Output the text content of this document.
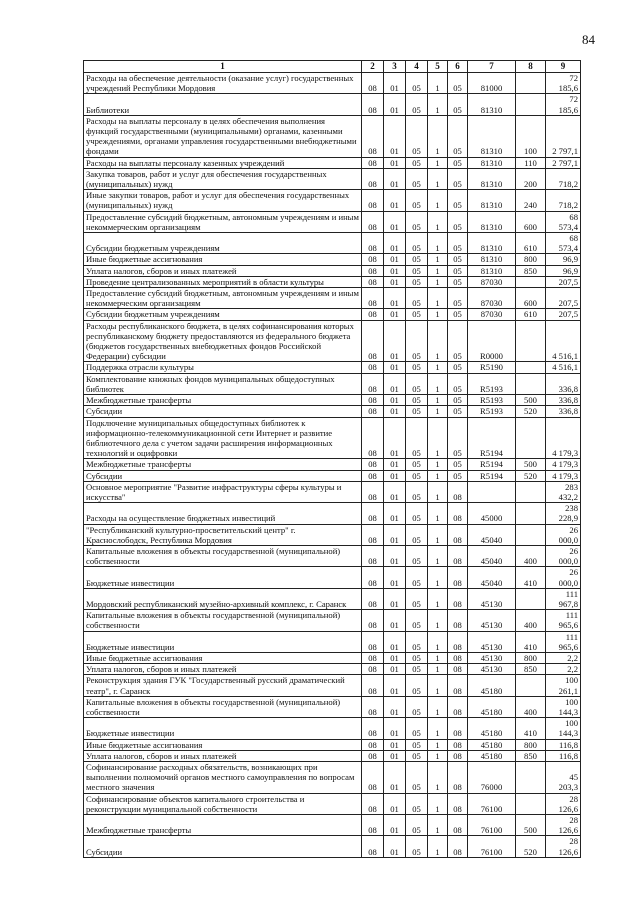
84
1	2	3	4	5	6	7	8	9
Расходы на обеспечение деятельности (оказание услуг) государственных учреждений Республики Мордовия	08	01	05	1	05	81000		72 185,6
Библиотеки	08	01	05	1	05	81310		72 185,6
Расходы на выплаты персоналу в целях обеспечения выполнения функций государственными (муниципальными) органами, казенными учреждениями, органами управления государственными внебюджетными фондами	08	01	05	1	05	81310	100	2 797,1
Расходы на выплаты персоналу казенных учреждений	08	01	05	1	05	81310	110	2 797,1
Закупка товаров, работ и услуг для обеспечения государственных (муниципальных) нужд	08	01	05	1	05	81310	200	718,2
Иные закупки товаров, работ и услуг для обеспечения государственных (муниципальных) нужд	08	01	05	1	05	81310	240	718,2
Предоставление субсидий бюджетным, автономным учреждениям и иным некоммерческим организациям	08	01	05	1	05	81310	600	68 573,4
Субсидии бюджетным учреждениям	08	01	05	1	05	81310	610	68 573,4
Иные бюджетные ассигнования	08	01	05	1	05	81310	800	96,9
Уплата налогов, сборов и иных платежей	08	01	05	1	05	81310	850	96,9
Проведение централизованных мероприятий в области культуры	08	01	05	1	05	87030		207,5
Предоставление субсидий бюджетным, автономным учреждениям и иным некоммерческим организациям	08	01	05	1	05	87030	600	207,5
Субсидии бюджетным учреждениям	08	01	05	1	05	87030	610	207,5
Расходы республиканского бюджета, в целях софинансирования которых республиканскому бюджету предоставляются из федерального бюджета (бюджетов государственных внебюджетных фондов Российской Федерации) субсидии	08	01	05	1	05	R0000		4 516,1
Поддержка отрасли культуры	08	01	05	1	05	R5190		4 516,1
Комплектование книжных фондов муниципальных общедоступных библиотек	08	01	05	1	05	R5193		336,8
Межбюджетные трансферты	08	01	05	1	05	R5193	500	336,8
Субсидии	08	01	05	1	05	R5193	520	336,8
Подключение муниципальных общедоступных библиотек к информационно-телекоммуникационной сети Интернет и развитие библиотечного дела с учетом задачи расширения информационных технологий и оцифровки	08	01	05	1	05	R5194		4 179,3
Межбюджетные трансферты	08	01	05	1	05	R5194	500	4 179,3
Субсидии	08	01	05	1	05	R5194	520	4 179,3
Основное мероприятие "Развитие инфраструктуры сферы культуры и искусства"	08	01	05	1	08			283 432,2
Расходы на осуществление бюджетных инвестиций	08	01	05	1	08	45000		238 228,9
"Республиканский культурно-просветительский центр" г. Краснослободск, Республика Мордовия	08	01	05	1	08	45040		26 000,0
Капитальные вложения в объекты государственной (муниципальной) собственности	08	01	05	1	08	45040	400	26 000,0
Бюджетные инвестиции	08	01	05	1	08	45040	410	26 000,0
Мордовский республиканский музейно-архивный комплекс, г. Саранск	08	01	05	1	08	45130		111 967,8
Капитальные вложения в объекты государственной (муниципальной) собственности	08	01	05	1	08	45130	400	111 965,6
Бюджетные инвестиции	08	01	05	1	08	45130	410	111 965,6
Иные бюджетные ассигнования	08	01	05	1	08	45130	800	2,2
Уплата налогов, сборов и иных платежей	08	01	05	1	08	45130	850	2,2
Реконструкция здания ГУК "Государственный русский драматический театр", г. Саранск	08	01	05	1	08	45180		100 261,1
Капитальные вложения в объекты государственной (муниципальной) собственности	08	01	05	1	08	45180	400	100 144,3
Бюджетные инвестиции	08	01	05	1	08	45180	410	100 144,3
Иные бюджетные ассигнования	08	01	05	1	08	45180	800	116,8
Уплата налогов, сборов и иных платежей	08	01	05	1	08	45180	850	116,8
Софинансирование расходных обязательств, возникающих при выполнении полномочий органов местного самоуправления по вопросам местного значения	08	01	05	1	08	76000		45 203,3
Софинансирование объектов капитального строительства и реконструкции муниципальной собственности	08	01	05	1	08	76100		28 126,6
Межбюджетные трансферты	08	01	05	1	08	76100	500	28 126,6
Субсидии	08	01	05	1	08	76100	520	28 126,6
